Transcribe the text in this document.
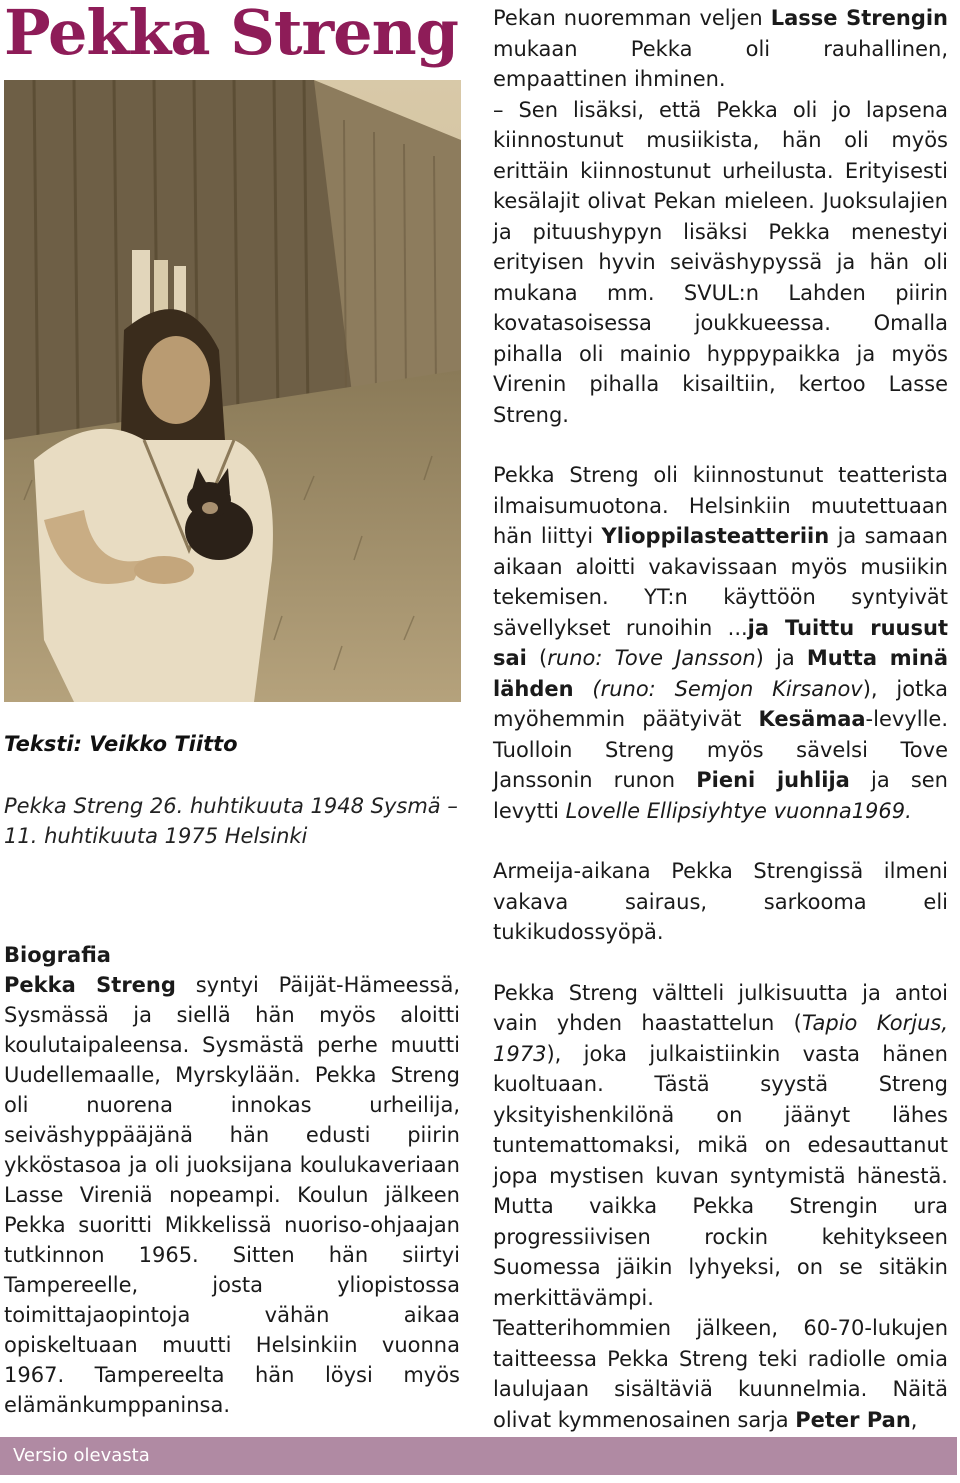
Pekka Streng

Teksti: Veikko Tiitto

Pekka Streng 26. huhtikuuta 1948 Sysmä – 11. huhtikuuta 1975 Helsinki

Biografia

Pekka Streng syntyi Päijät-Hämeessä, Sysmässä ja siellä hän myös aloitti koulutaipaleensa. Sysmästä perhe muutti Uudellemaalle, Myrskylään. Pekka Streng oli nuorena innokas urheilija, seiväshyppääjänä hän edusti piirin ykköstasoa ja oli juoksijana koulukaveriaan Lasse Vireniä nopeampi. Koulun jälkeen Pekka suoritti Mikkelissä nuoriso-ohjaajan tutkinnon 1965. Sitten hän siirtyi Tampereelle, josta yliopistossa toimittajaopintoja vähän aikaa opiskeltuaan muutti Helsinkiin vuonna 1967. Tampereelta hän löysi myös elämänkumppaninsa.

Pekan nuoremman veljen Lasse Strengin mukaan Pekka oli rauhallinen, empaattinen ihminen.

– Sen lisäksi, että Pekka oli jo lapsena kiinnostunut musiikista, hän oli myös erittäin kiinnostunut urheilusta. Erityisesti kesälajit olivat Pekan mieleen. Juoksulajien ja pituushypyn lisäksi Pekka menestyi erityisen hyvin seiväshypyssä ja hän oli mukana mm. SVUL:n Lahden piirin kovatasoisessa joukkueessa. Omalla pihalla oli mainio hyppypaikka ja myös Virenin pihalla kisailtiin, kertoo Lasse Streng.

Pekka Streng oli kiinnostunut teatterista ilmaisumuotona. Helsinkiin muutettuaan hän liittyi Ylioppilasteatteriin ja samaan aikaan aloitti vakavissaan myös musiikin tekemisen. YT:n käyttöön syntyivät sävellykset runoihin ...ja Tuittu ruusut sai (runo: Tove Jansson) ja Mutta minä lähden (runo: Semjon Kirsanov), jotka myöhemmin päätyivät Kesämaa-levylle. Tuolloin Streng myös sävelsi Tove Janssonin runon Pieni juhlija ja sen levytti Lovelle Ellipsiyhtye vuonna1969.

Armeija-aikana Pekka Strengissä ilmeni vakava sairaus, sarkooma eli tukikudossyöpä.

Pekka Streng vältteli julkisuutta ja antoi vain yhden haastattelun (Tapio Korjus, 1973), joka julkaistiinkin vasta hänen kuoltuaan. Tästä syystä Streng yksityishenkilönä on jäänyt lähes tuntemattomaksi, mikä on edesauttanut jopa mystisen kuvan syntymistä hänestä. Mutta vaikka Pekka Strengin ura progressiivisen rockin kehitykseen Suomessa jäikin lyhyeksi, on se sitäkin merkittävämpi.

Teatterihommien jälkeen, 60-70-lukujen taitteessa Pekka Streng teki radiolle omia laulujaan sisältäviä kuunnelmia. Näitä olivat kymmenosainen sarja Peter Pan,

Versio olevasta
